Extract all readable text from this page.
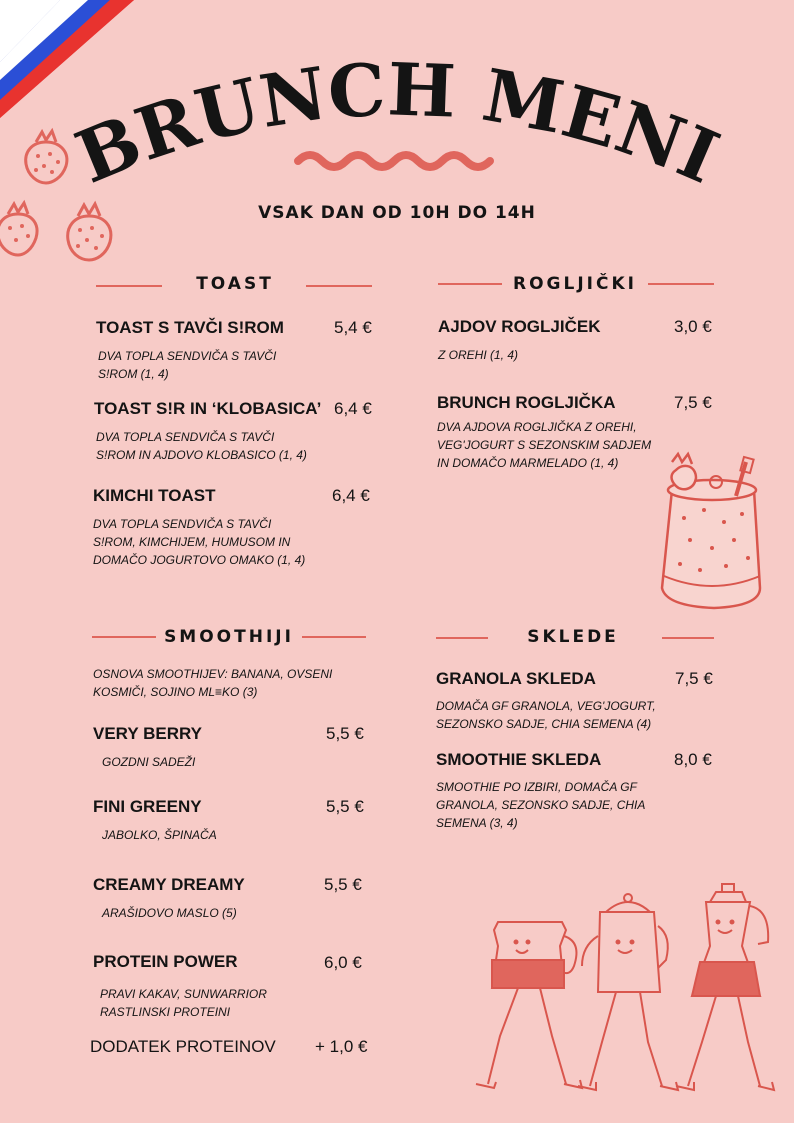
BRUNCH MENI
VSAK DAN OD 10H DO 14H
TOAST
TOAST S TAVČI S!ROM	5,4 €
DVA TOPLA SENDVIČA S TAVČI
S!ROM (1, 4)
TOAST S!R IN ‘KLOBASICA’ 6,4 €
DVA TOPLA SENDVIČA S TAVČI
S!ROM IN AJDOVO KLOBASICO (1, 4)
KIMCHI TOAST	6,4 €
DVA TOPLA SENDVIČA S TAVČI
S!ROM, KIMCHIJEM, HUMUSOM IN
DOMAČO JOGURTOVO OMAKO (1, 4)
ROGLJIČKI
AJDOV ROGLJIČEK	3,0 €
Z OREHI (1, 4)
BRUNCH ROGLJIČKA	7,5 €
DVA AJDOVA ROGLJIČKA Z OREHI,
VEG'JOGURT S SEZONSKIM SADJEM
IN DOMAČO MARMELADO (1, 4)
SMOOTHIJI
OSNOVA SMOOTHIJEV: BANANA, OVSENI
KOSMIČI, SOJINO ML≡KO (3)
VERY BERRY	5,5 €
GOZDNI SADEŽI
FINI GREENY	5,5 €
JABOLKO, ŠPINAČA
CREAMY DREAMY	5,5 €
ARAŠIDOVO MASLO (5)
PROTEIN POWER	6,0 €
PRAVI KAKAV, SUNWARRIOR
RASTLINSKI PROTEINI
DODATEK PROTEINOV + 1,0 €
SKLEDE
GRANOLA SKLEDA	7,5 €
DOMAČA GF GRANOLA, VEG'JOGURT,
SEZONSKO SADJE, CHIA SEMENA (4)
SMOOTHIE SKLEDA	8,0 €
SMOOTHIE PO IZBIRI, DOMAČA GF
GRANOLA, SEZONSKO SADJE, CHIA
SEMENA (3, 4)
